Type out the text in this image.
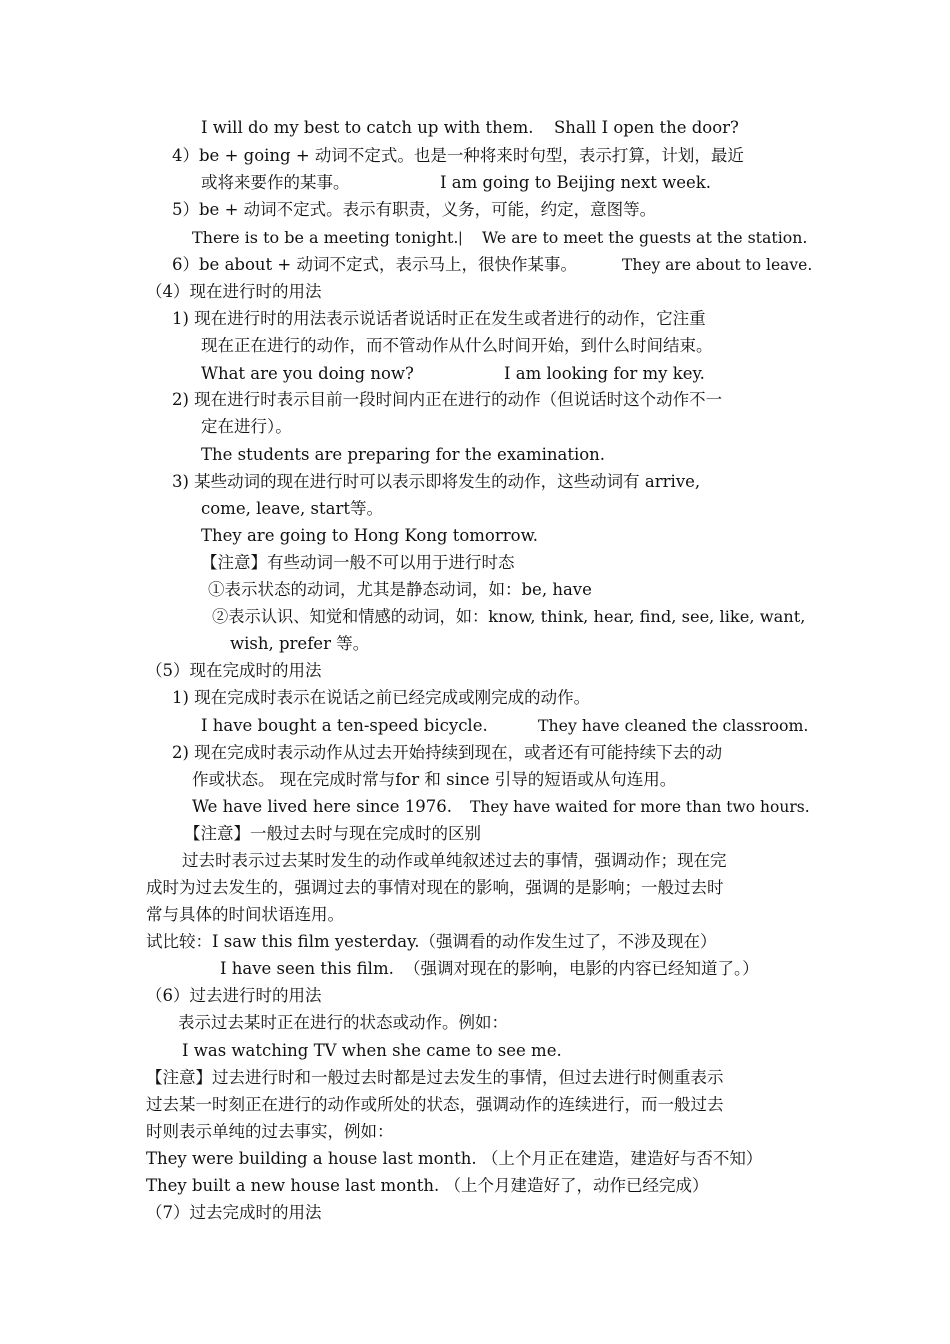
I will do my best to catch up with them. Shall I open the door?
4）be + going + 动词不定式。也是一种将来时句型，表示打算，计划，最近
或将来要作的某事。	I am going to Beijing next week.
5）be + 动词不定式。表示有职责，义务，可能，约定，意图等。
There is to be a meeting tonight. | We are to meet the guests at the station.
6）be about + 动词不定式，表示马上，很快作某事。	They are about to leave.
（4）现在进行时的用法
1) 现在进行时的用法表示说话者说话时正在发生或者进行的动作，它注重
现在正在进行的动作，而不管动作从什么时间开始，到什么时间结束。
What are you doing now?	I am looking for my key.
2) 现在进行时表示目前一段时间内正在进行的动作（但说话时这个动作不一
定在进行）。
The students are preparing for the examination.
3) 某些动词的现在进行时可以表示即将发生的动作，这些动词有 arrive,
come, leave, start等。
They are going to Hong Kong tomorrow.
【注意】有些动词一般不可以用于进行时态
①表示状态的动词，尤其是静态动词，如：be, have
②表示认识、知觉和情感的动词，如：know, think, hear, find, see, like, want,
wish, prefer 等。
（5）现在完成时的用法
1) 现在完成时表示在说话之前已经完成或刚完成的动作。
I have bought a ten-speed bicycle.	They have cleaned the classroom.
2) 现在完成时表示动作从过去开始持续到现在，或者还有可能持续下去的动
作或状态。 现在完成时常与for 和 since 引导的短语或从句连用。
We have lived here since 1976. They have waited for more than two hours.
【注意】一般过去时与现在完成时的区别
过去时表示过去某时发生的动作或单纯叙述过去的事情，强调动作；现在完
成时为过去发生的，强调过去的事情对现在的影响，强调的是影响；一般过去时
常与具体的时间状语连用。
试比较：I saw this film yesterday.（强调看的动作发生过了，不涉及现在）
I have seen this film. （强调对现在的影响，电影的内容已经知道了。）
（6）过去进行时的用法
表示过去某时正在进行的状态或动作。例如：
I was watching TV when she came to see me.
【注意】过去进行时和一般过去时都是过去发生的事情，但过去进行时侧重表示
过去某一时刻正在进行的动作或所处的状态，强调动作的连续进行，而一般过去
时则表示单纯的过去事实，例如：
They were building a house last month. （上个月正在建造，建造好与否不知）
They built a new house last month. （上个月建造好了，动作已经完成）
（7）过去完成时的用法
